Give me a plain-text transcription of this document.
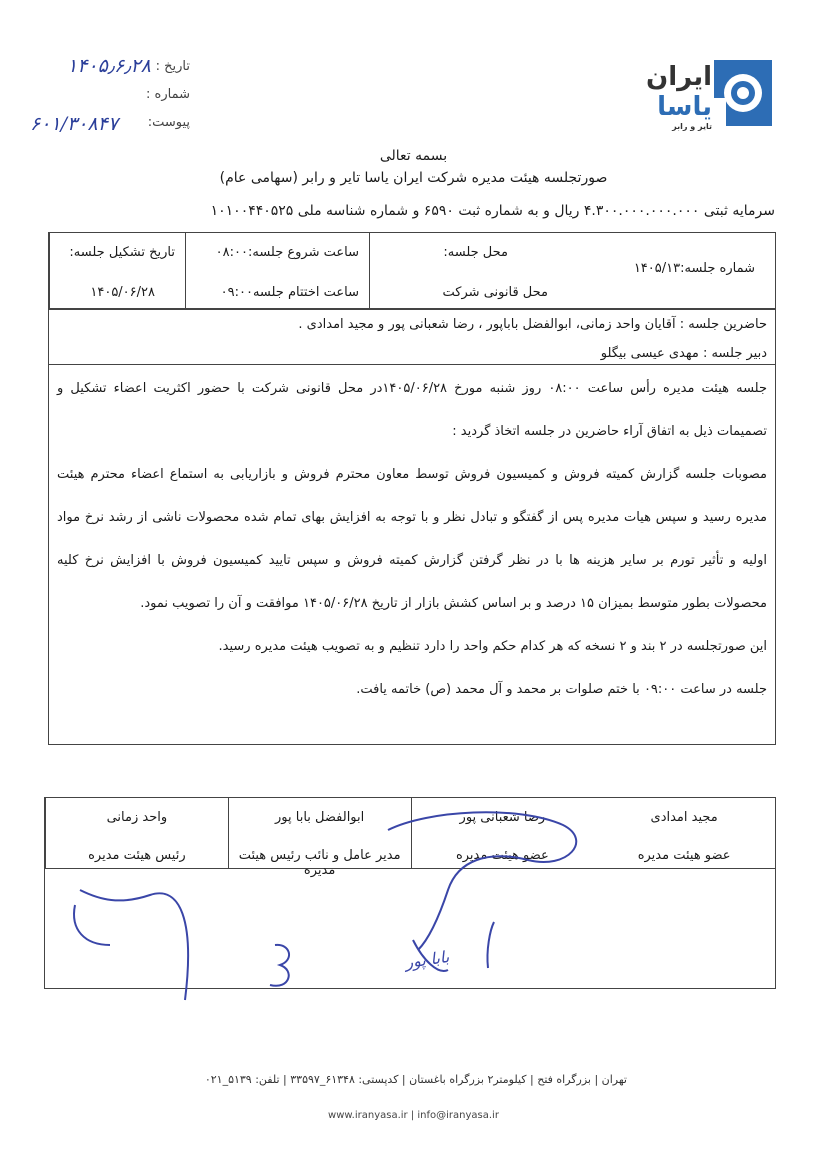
تاریخ :
۱۴۰۵٫۶٫۲۸
شماره :
۶۰۱/۳۰۸۴۷ پیوست:
ایران
یاسا
تایر و رابر
بسمه تعالی
صورتجلسه هیئت مدیره شرکت ایران یاسا تایر و رابر (سهامی عام)
سرمایه ثبتی ۴.۳۰۰.۰۰۰.۰۰۰.۰۰۰ ریال و به شماره ثبت ۶۵۹۰ و شماره شناسه ملی ۱۰۱۰۰۴۴۰۵۲۵
تاریخ تشکیل جلسه:
۱۴۰۵/۰۶/۲۸
ساعت شروع جلسه:۰۸:۰۰
ساعت اختتام جلسه۰۹:۰۰
محل جلسه:
محل قانونی شرکت
شماره جلسه:۱۴۰۵/۱۳
حاضرین جلسه : آقایان واحد زمانی، ابوالفضل باباپور ، رضا شعبانی پور و مجید امدادی .
دبیر جلسه : مهدی عیسی بیگلو

جلسه هیئت مدیره رأس ساعت ۰۸:۰۰ روز شنبه مورخ ۱۴۰۵/۰۶/۲۸در محل قانونی شرکت با حضور اکثریت اعضاء تشکیل و تصمیمات ذیل به اتفاق آراء حاضرین در جلسه اتخاذ گردید :

مصوبات جلسه گزارش کمیته فروش و کمیسیون فروش توسط معاون محترم فروش و بازاریابی به استماع اعضاء محترم هیئت مدیره رسید و سپس هیات مدیره پس از گفتگو و تبادل نظر و با توجه به افزایش بهای تمام شده محصولات ناشی از رشد نرخ مواد اولیه و تأثیر تورم بر سایر هزینه ها با در نظر گرفتن گزارش کمیته فروش و سپس تایید کمیسیون فروش با افزایش نرخ کلیه محصولات بطور متوسط بمیزان ۱۵ درصد و بر اساس کشش بازار از تاریخ ۱۴۰۵/۰۶/۲۸ موافقت و آن را تصویب نمود.

این صورتجلسه در ۲ بند و ۲ نسخه که هر کدام حکم واحد را دارد تنظیم و به تصویب هیئت مدیره رسید.

جلسه در ساعت ۰۹:۰۰ با ختم صلوات بر محمد و آل محمد (ص) خاتمه یافت.

واحد زمانی
رئیس هیئت مدیره
ابوالفضل بابا پور
مدیر عامل و نائب رئیس هیئت مدیره
رضا شعبانی پور
عضو هیئت مدیره
مجید امدادی
عضو هیئت مدیره
بابا پور
تهران | بزرگراه فتح | کیلومتر۲ بزرگراه باغستان | کدپستی: ۶۱۳۴۸_۳۳۵۹۷ | تلفن: ۵۱۳۹_۰۲۱
www.iranyasa.ir | info@iranyasa.ir
